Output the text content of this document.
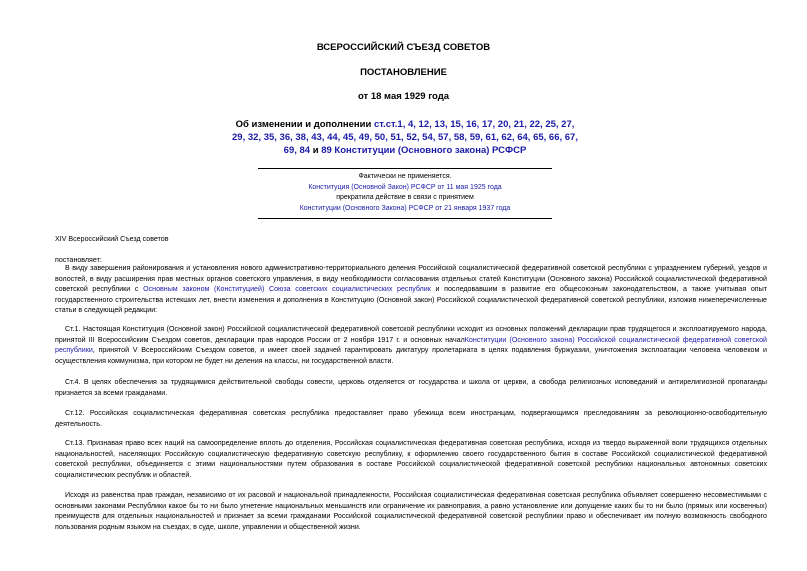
ВСЕРОССИЙСКИЙ СЪЕЗД СОВЕТОВ
ПОСТАНОВЛЕНИЕ
от 18 мая 1929 года
Об изменении и дополнении ст.ст.1, 4, 12, 13, 15, 16, 17, 20, 21, 22, 25, 27, 29, 32, 35, 36, 38, 43, 44, 45, 49, 50, 51, 52, 54, 57, 58, 59, 61, 62, 64, 65, 66, 67, 69, 84 и 89 Конституции (Основного закона) РСФСР
Фактически не применяется.
Конституция (Основной Закон) РСФСР от 11 мая 1925 года
прекратила действие в связи с принятием
Конституции (Основного Закона) РСФСР от 21 января 1937 года
XIV Всероссийский Съезд советов
постановляет:
В виду завершения районирования и установления нового административно-территориального деления Российской социалистической федеративной советской республики с упразднением губерний, уездов и волостей, в виду расширения прав местных органов советского управления, в виду необходимости согласования отдельных статей Конституции (Основного закона) Российской социалистической федеративной советской республики с Основным законом (Конституцией) Союза советских социалистических республик и последовавшим в развитие его общесоюзным законодательством, а также учитывая опыт государственного строительства истекших лет, внести изменения и дополнения в Конституцию (Основной закон) Российской социалистической федеративной советской республики, изложив нижеперечисленные статьи в следующей редакции:
Ст.1. Настоящая Конституция (Основной закон) Российской социалистической федеративной советской республики исходит из основных положений декларации прав трудящегося и эксплоатируемого народа, принятой III Всероссийским Съездом советов, декларации прав народов России от 2 ноября 1917 г. и основных началКонституции (Основного закона) Российской социалистической федеративной советской республики, принятой V Всероссийским Съездом советов, и имеет своей задачей гарантировать диктатуру пролетариата в целях подавления буржуазии, уничтожения эксплоатации человека человеком и осуществления коммунизма, при котором не будет ни деления на классы, ни государственной власти.
Ст.4. В целях обеспечения за трудящимися действительной свободы совести, церковь отделяется от государства и школа от церкви, а свобода религиозных исповеданий и антирелигиозной пропаганды признается за всеми гражданами.
Ст.12. Российская социалистическая федеративная советская республика предоставляет право убежища всем иностранцам, подвергающимся преследованиям за революционно-освободительную деятельность.
Ст.13. Признавая право всех наций на самоопределение вплоть до отделения, Российская социалистическая федеративная советская республика, исходя из твердо выраженной воли трудящихся отдельных национальностей, населяющих Российскую социалистическую федеративную советскую республику, к оформлению своего государственного бытия в составе Российской социалистической федеративной советской республики, объединяется с этими национальностями путем образования в составе Российской социалистической федеративной советской республики национальных автономных советских социалистических республик и областей.
Исходя из равенства прав граждан, независимо от их расовой и национальной принадлежности, Российская социалистическая федеративная советская республика объявляет совершенно несовместимыми с основными законами Республики какое бы то ни было угнетение национальных меньшинств или ограничение их равноправия, а равно установление или допущение каких бы то ни было (прямых или косвенных) преимуществ для отдельных национальностей и признает за всеми гражданами Российской социалистической федеративной советской республики право и обеспечивает им полную возможность свободного пользования родным языком на съездах, в суде, школе, управлении и общественной жизни.
